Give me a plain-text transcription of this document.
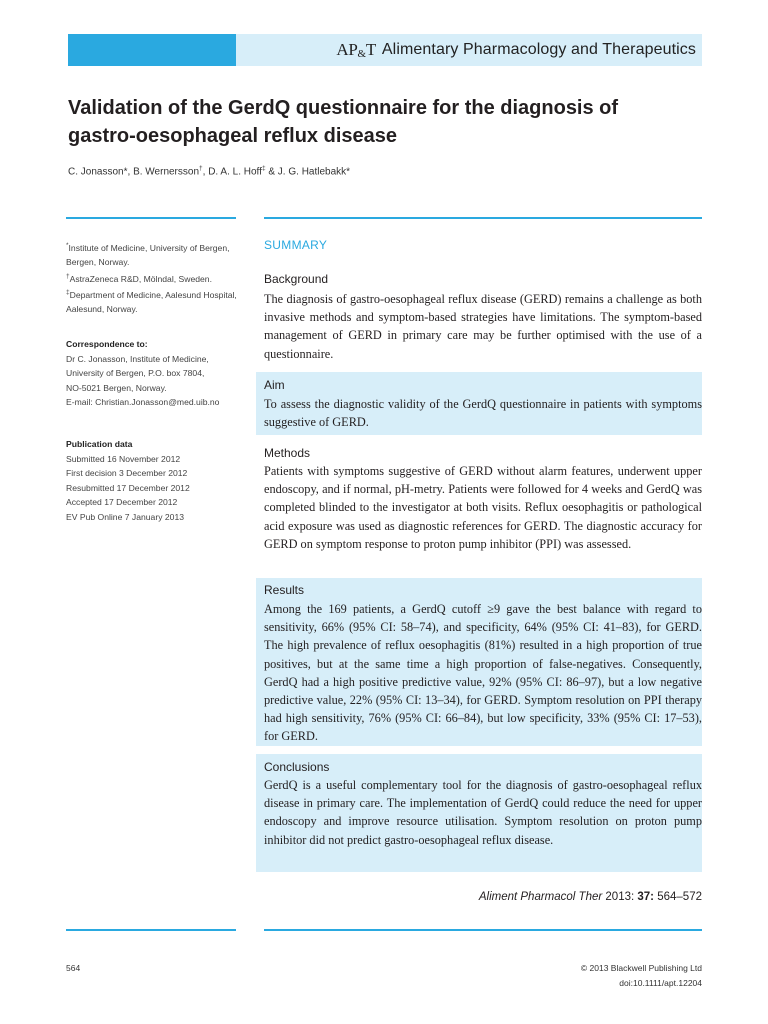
AP&T Alimentary Pharmacology and Therapeutics
Validation of the GerdQ questionnaire for the diagnosis of
gastro-oesophageal reflux disease
C. Jonasson*, B. Wernersson†, D. A. L. Hoff‡ & J. G. Hatlebakk*
*Institute of Medicine, University of Bergen, Bergen, Norway.
†AstraZeneca R&D, Mölndal, Sweden.
‡Department of Medicine, Aalesund Hospital, Aalesund, Norway.
Correspondence to:
Dr C. Jonasson, Institute of Medicine,
University of Bergen, P.O. box 7804,
NO-5021 Bergen, Norway.
E-mail: Christian.Jonasson@med.uib.no
Publication data
Submitted 16 November 2012
First decision 3 December 2012
Resubmitted 17 December 2012
Accepted 17 December 2012
EV Pub Online 7 January 2013
SUMMARY
Background
The diagnosis of gastro-oesophageal reflux disease (GERD) remains a challenge as both invasive methods and symptom-based strategies have limitations. The symptom-based management of GERD in primary care may be further optimised with the use of a questionnaire.
Aim
To assess the diagnostic validity of the GerdQ questionnaire in patients with symptoms suggestive of GERD.
Methods
Patients with symptoms suggestive of GERD without alarm features, underwent upper endoscopy, and if normal, pH-metry. Patients were followed for 4 weeks and GerdQ was completed blinded to the investigator at both visits. Reflux oesophagitis or pathological acid exposure was used as diagnostic references for GERD. The diagnostic accuracy for GERD on symptom response to proton pump inhibitor (PPI) was assessed.
Results
Among the 169 patients, a GerdQ cutoff ≥9 gave the best balance with regard to sensitivity, 66% (95% CI: 58–74), and specificity, 64% (95% CI: 41–83), for GERD. The high prevalence of reflux oesophagitis (81%) resulted in a high proportion of true positives, but at the same time a high proportion of false-negatives. Consequently, GerdQ had a high positive predictive value, 92% (95% CI: 86–97), but a low negative predictive value, 22% (95% CI: 13–34), for GERD. Symptom resolution on PPI therapy had high sensitivity, 76% (95% CI: 66–84), but low specificity, 33% (95% CI: 17–53), for GERD.
Conclusions
GerdQ is a useful complementary tool for the diagnosis of gastro-oesophageal reflux disease in primary care. The implementation of GerdQ could reduce the need for upper endoscopy and improve resource utilisation. Symptom resolution on proton pump inhibitor did not predict gastro-oesophageal reflux disease.
Aliment Pharmacol Ther 2013: 37: 564–572
564	© 2013 Blackwell Publishing Ltd
doi:10.1111/apt.12204
